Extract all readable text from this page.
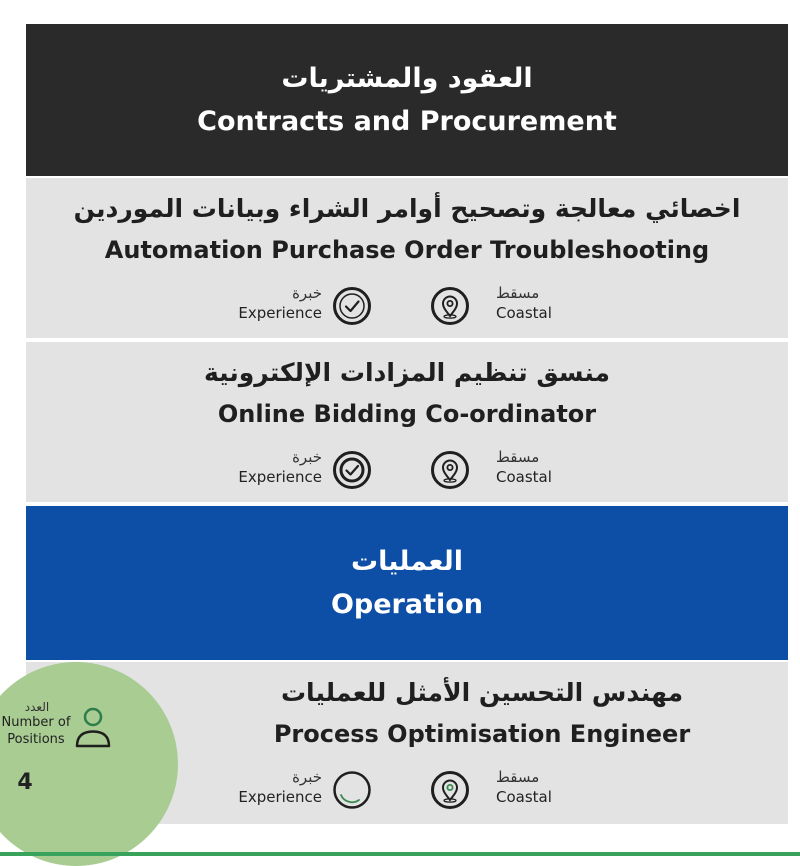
العقود والمشتريات
Contracts and Procurement
اخصائي معالجة وتصحيح أوامر الشراء وبيانات الموردين
Automation Purchase Order Troubleshooting
خبرة
Experience
مسقط
Coastal
منسق تنظيم المزادات الإلكترونية
Online Bidding Co-ordinator
خبرة
Experience
مسقط
Coastal
العمليات
Operation
العدد
Number of Positions
4
مهندس التحسين الأمثل للعمليات
Process Optimisation Engineer
خبرة
Experience
مسقط
Coastal
